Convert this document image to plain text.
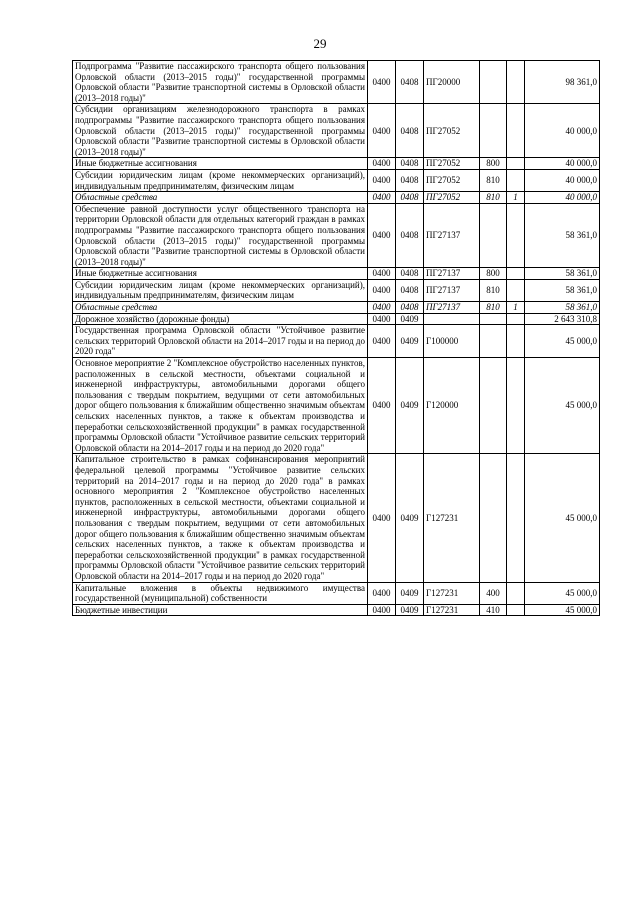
29
Подпрограмма "Развитие пассажирского транспорта общего пользования Орловской области (2013–2015 годы)" государственной программы Орловской области "Развитие транспортной системы в Орловской области (2013–2018 годы)"	0400	0408	ПГ20000			98 361,0
Субсидии организациям железнодорожного транспорта в рамках подпрограммы "Развитие пассажирского транспорта общего пользования Орловской области (2013–2015 годы)" государственной программы Орловской области "Развитие транспортной системы в Орловской области (2013–2018 годы)"	0400	0408	ПГ27052			40 000,0
Иные бюджетные ассигнования	0400	0408	ПГ27052	800		40 000,0
Субсидии юридическим лицам (кроме некоммерческих организаций), индивидуальным предпринимателям, физическим лицам	0400	0408	ПГ27052	810		40 000,0
Областные средства	0400	0408	ПГ27052	810	1	40 000,0
Обеспечение равной доступности услуг общественного транспорта на территории Орловской области для отдельных категорий граждан в рамках подпрограммы "Развитие пассажирского транспорта общего пользования Орловской области (2013–2015 годы)" государственной программы Орловской области "Развитие транспортной системы в Орловской области (2013–2018 годы)"	0400	0408	ПГ27137			58 361,0
Иные бюджетные ассигнования	0400	0408	ПГ27137	800		58 361,0
Субсидии юридическим лицам (кроме некоммерческих организаций), индивидуальным предпринимателям, физическим лицам	0400	0408	ПГ27137	810		58 361,0
Областные средства	0400	0408	ПГ27137	810	1	58 361,0
Дорожное хозяйство (дорожные фонды)	0400	0409				2 643 310,8
Государственная программа Орловской области "Устойчивое развитие сельских территорий Орловской области на 2014–2017 годы и на период до 2020 года"	0400	0409	Г100000			45 000,0
Основное мероприятие 2 "Комплексное обустройство населенных пунктов, расположенных в сельской местности, объектами социальной и инженерной инфраструктуры, автомобильными дорогами общего пользования с твердым покрытием, ведущими от сети автомобильных дорог общего пользования к ближайшим общественно значимым объектам сельских населенных пунктов, а также к объектам производства и переработки сельскохозяйственной продукции" в рамках государственной программы Орловской области "Устойчивое развитие сельских территорий Орловской области на 2014–2017 годы и на период до 2020 года"	0400	0409	Г120000			45 000,0
Капитальное строительство в рамках софинансирования мероприятий федеральной целевой программы "Устойчивое развитие сельских территорий на 2014–2017 годы и на период до 2020 года" в рамках основного мероприятия 2 "Комплексное обустройство населенных пунктов, расположенных в сельской местности, объектами социальной и инженерной инфраструктуры, автомобильными дорогами общего пользования с твердым покрытием, ведущими от сети автомобильных дорог общего пользования к ближайшим общественно значимым объектам сельских населенных пунктов, а также к объектам производства и переработки сельскохозяйственной продукции" в рамках государственной программы Орловской области "Устойчивое развитие сельских территорий Орловской области на 2014–2017 годы и на период до 2020 года"	0400	0409	Г127231			45 000,0
Капитальные вложения в объекты недвижимого имущества государственной (муниципальной) собственности	0400	0409	Г127231	400		45 000,0
Бюджетные инвестиции	0400	0409	Г127231	410		45 000,0
